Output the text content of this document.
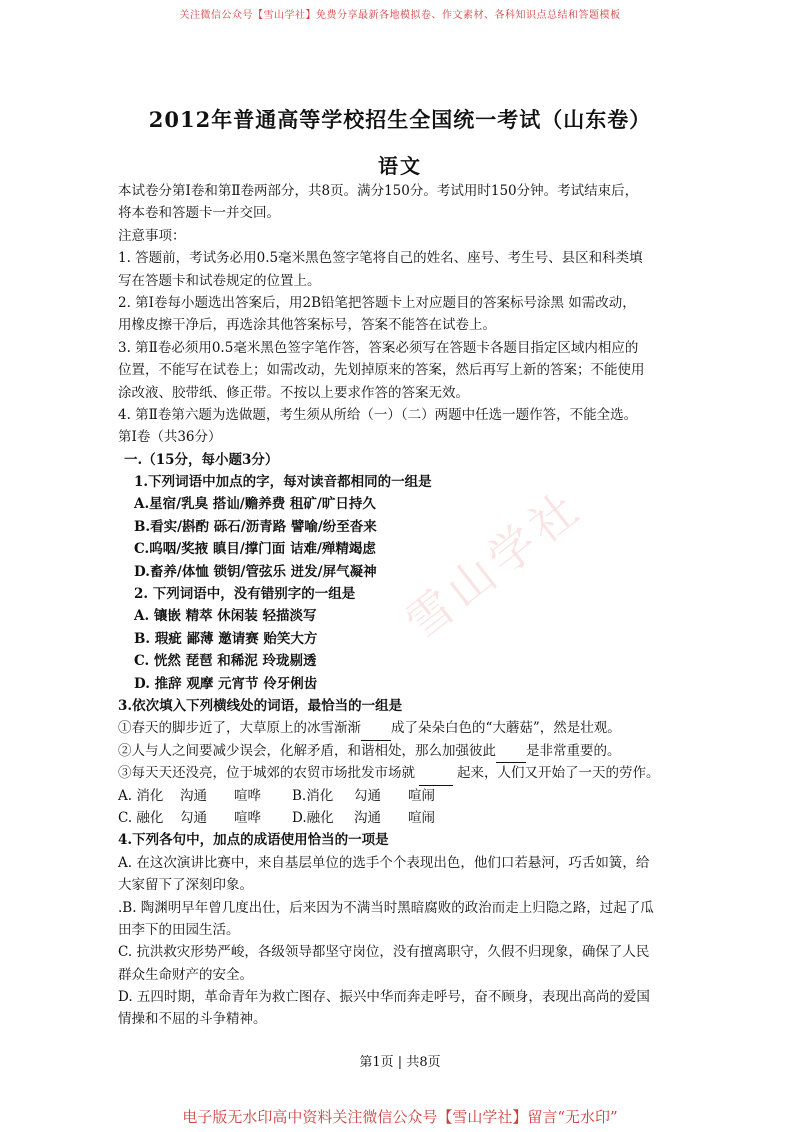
关注微信公众号【雪山学社】免费分享最新各地模拟卷、作文素材、各科知识点总结和答题模板
2012年普通高等学校招生全国统一考试（山东卷）
语文
雪山学社
本试卷分第Ⅰ卷和第Ⅱ卷两部分，共8页。满分150分。考试用时150分钟。考试结束后，
将本卷和答题卡一并交回。
注意事项：
1. 答题前，考试务必用0.5毫米黑色签字笔将自己的姓名、座号、考生号、县区和科类填
写在答题卡和试卷规定的位置上。
2. 第Ⅰ卷每小题选出答案后，用2B铅笔把答题卡上对应题目的答案标号涂黑 如需改动，
用橡皮擦干净后，再选涂其他答案标号，答案不能答在试卷上。
3. 第Ⅱ卷必须用0.5毫米黑色签字笔作答，答案必须写在答题卡各题目指定区域内相应的
位置，不能写在试卷上；如需改动，先划掉原来的答案，然后再写上新的答案；不能使用
涂改液、胶带纸、修正带。不按以上要求作答的答案无效。
4. 第Ⅱ卷第六题为选做题，考生须从所给（一）（二）两题中任选一题作答，不能全选。
第Ⅰ卷（共36分）
一.（15分，每小题3分）
1.下列词语中加点的字，每对读音都相同的一组是
A.星宿/乳臭 搭讪/赡养费 租矿/旷日持久
B.看实/斟酌 砾石/沥青路 譬喻/纷至沓来
C.呜咽/奖掖 瞋目/撑门面 诘难/殚精竭虑
D.畜养/体恤 锁钥/管弦乐 迸发/屏气凝神
2. 下列词语中，没有错别字的一组是
A. 镶嵌 精萃 休闲装 轻描淡写
B. 瑕疵 鄙薄 邀请赛 贻笑大方
C. 恍然 琵琶 和稀泥 玲珑剔透
D. 推辞 观摩 元宵节 伶牙俐齿
3.依次填入下列横线处的词语，最恰当的一组是
①春天的脚步近了，大草原上的冰雪渐渐 成了朵朵白色的“大蘑菇”，然是壮观。
②人与人之间要减少误会，化解矛盾，和谐相处，那么加强彼此 是非常重要的。
③每天天还没亮，位于城郊的农贸市场批发市场就	起来，人们又开始了一天的劳作。
A. 消化 沟通 喧哗 B.消化 勾通 喧闹
C. 融化 勾通 喧哗 D.融化 沟通 喧闹
4.下列各句中，加点的成语使用恰当的一项是
A. 在这次演讲比赛中，来自基层单位的选手个个表现出色，他们口若悬河，巧舌如簧，给
大家留下了深刻印象。
.B. 陶渊明早年曾几度出仕，后来因为不满当时黑暗腐败的政治而走上归隐之路，过起了瓜
田李下的田园生活。
C. 抗洪救灾形势严峻，各级领导都坚守岗位，没有擅离职守，久假不归现象，确保了人民
群众生命财产的安全。
D. 五四时期，革命青年为救亡图存、振兴中华而奔走呼号，奋不顾身，表现出高尚的爱国
情操和不屈的斗争精神。
第1页 | 共8页
电子版无水印高中资料关注微信公众号【雪山学社】留言“无水印”
